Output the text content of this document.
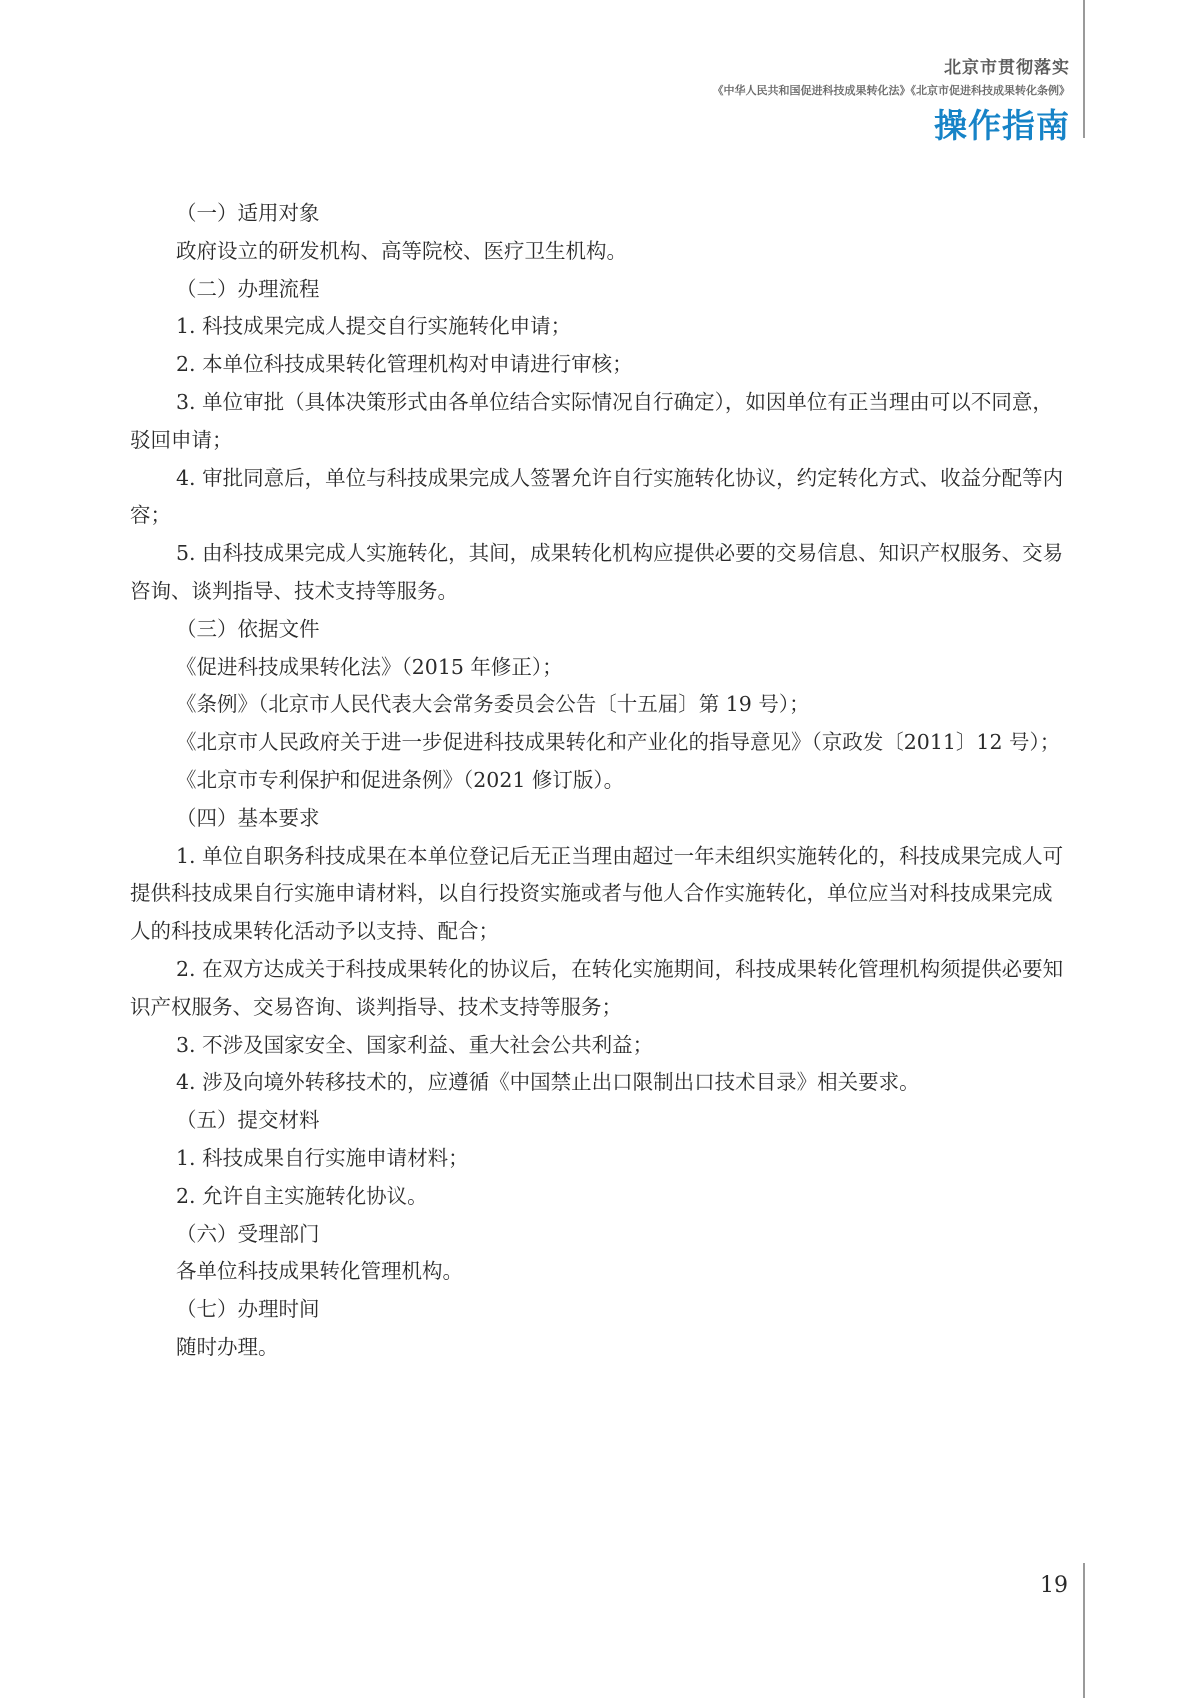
北京市贯彻落实
《中华人民共和国促进科技成果转化法》《北京市促进科技成果转化条例》
操作指南

（一）适用对象

政府设立的研发机构、高等院校、医疗卫生机构。

（二）办理流程

1. 科技成果完成人提交自行实施转化申请；

2. 本单位科技成果转化管理机构对申请进行审核；

3. 单位审批（具体决策形式由各单位结合实际情况自行确定），如因单位有正当理由可以不同意，驳回申请；

4. 审批同意后，单位与科技成果完成人签署允许自行实施转化协议，约定转化方式、收益分配等内容；

5. 由科技成果完成人实施转化，其间，成果转化机构应提供必要的交易信息、知识产权服务、交易咨询、谈判指导、技术支持等服务。

（三）依据文件

《促进科技成果转化法》（2015 年修正）；

《条例》（北京市人民代表大会常务委员会公告〔十五届〕第 19 号）；

《北京市人民政府关于进一步促进科技成果转化和产业化的指导意见》（京政发〔2011〕12 号）；

《北京市专利保护和促进条例》（2021 修订版）。

（四）基本要求

1. 单位自职务科技成果在本单位登记后无正当理由超过一年未组织实施转化的，科技成果完成人可提供科技成果自行实施申请材料，以自行投资实施或者与他人合作实施转化，单位应当对科技成果完成人的科技成果转化活动予以支持、配合；

2. 在双方达成关于科技成果转化的协议后，在转化实施期间，科技成果转化管理机构须提供必要知识产权服务、交易咨询、谈判指导、技术支持等服务；

3. 不涉及国家安全、国家利益、重大社会公共利益；

4. 涉及向境外转移技术的，应遵循《中国禁止出口限制出口技术目录》相关要求。

（五）提交材料

1. 科技成果自行实施申请材料；

2. 允许自主实施转化协议。

（六）受理部门

各单位科技成果转化管理机构。

（七）办理时间

随时办理。

19
